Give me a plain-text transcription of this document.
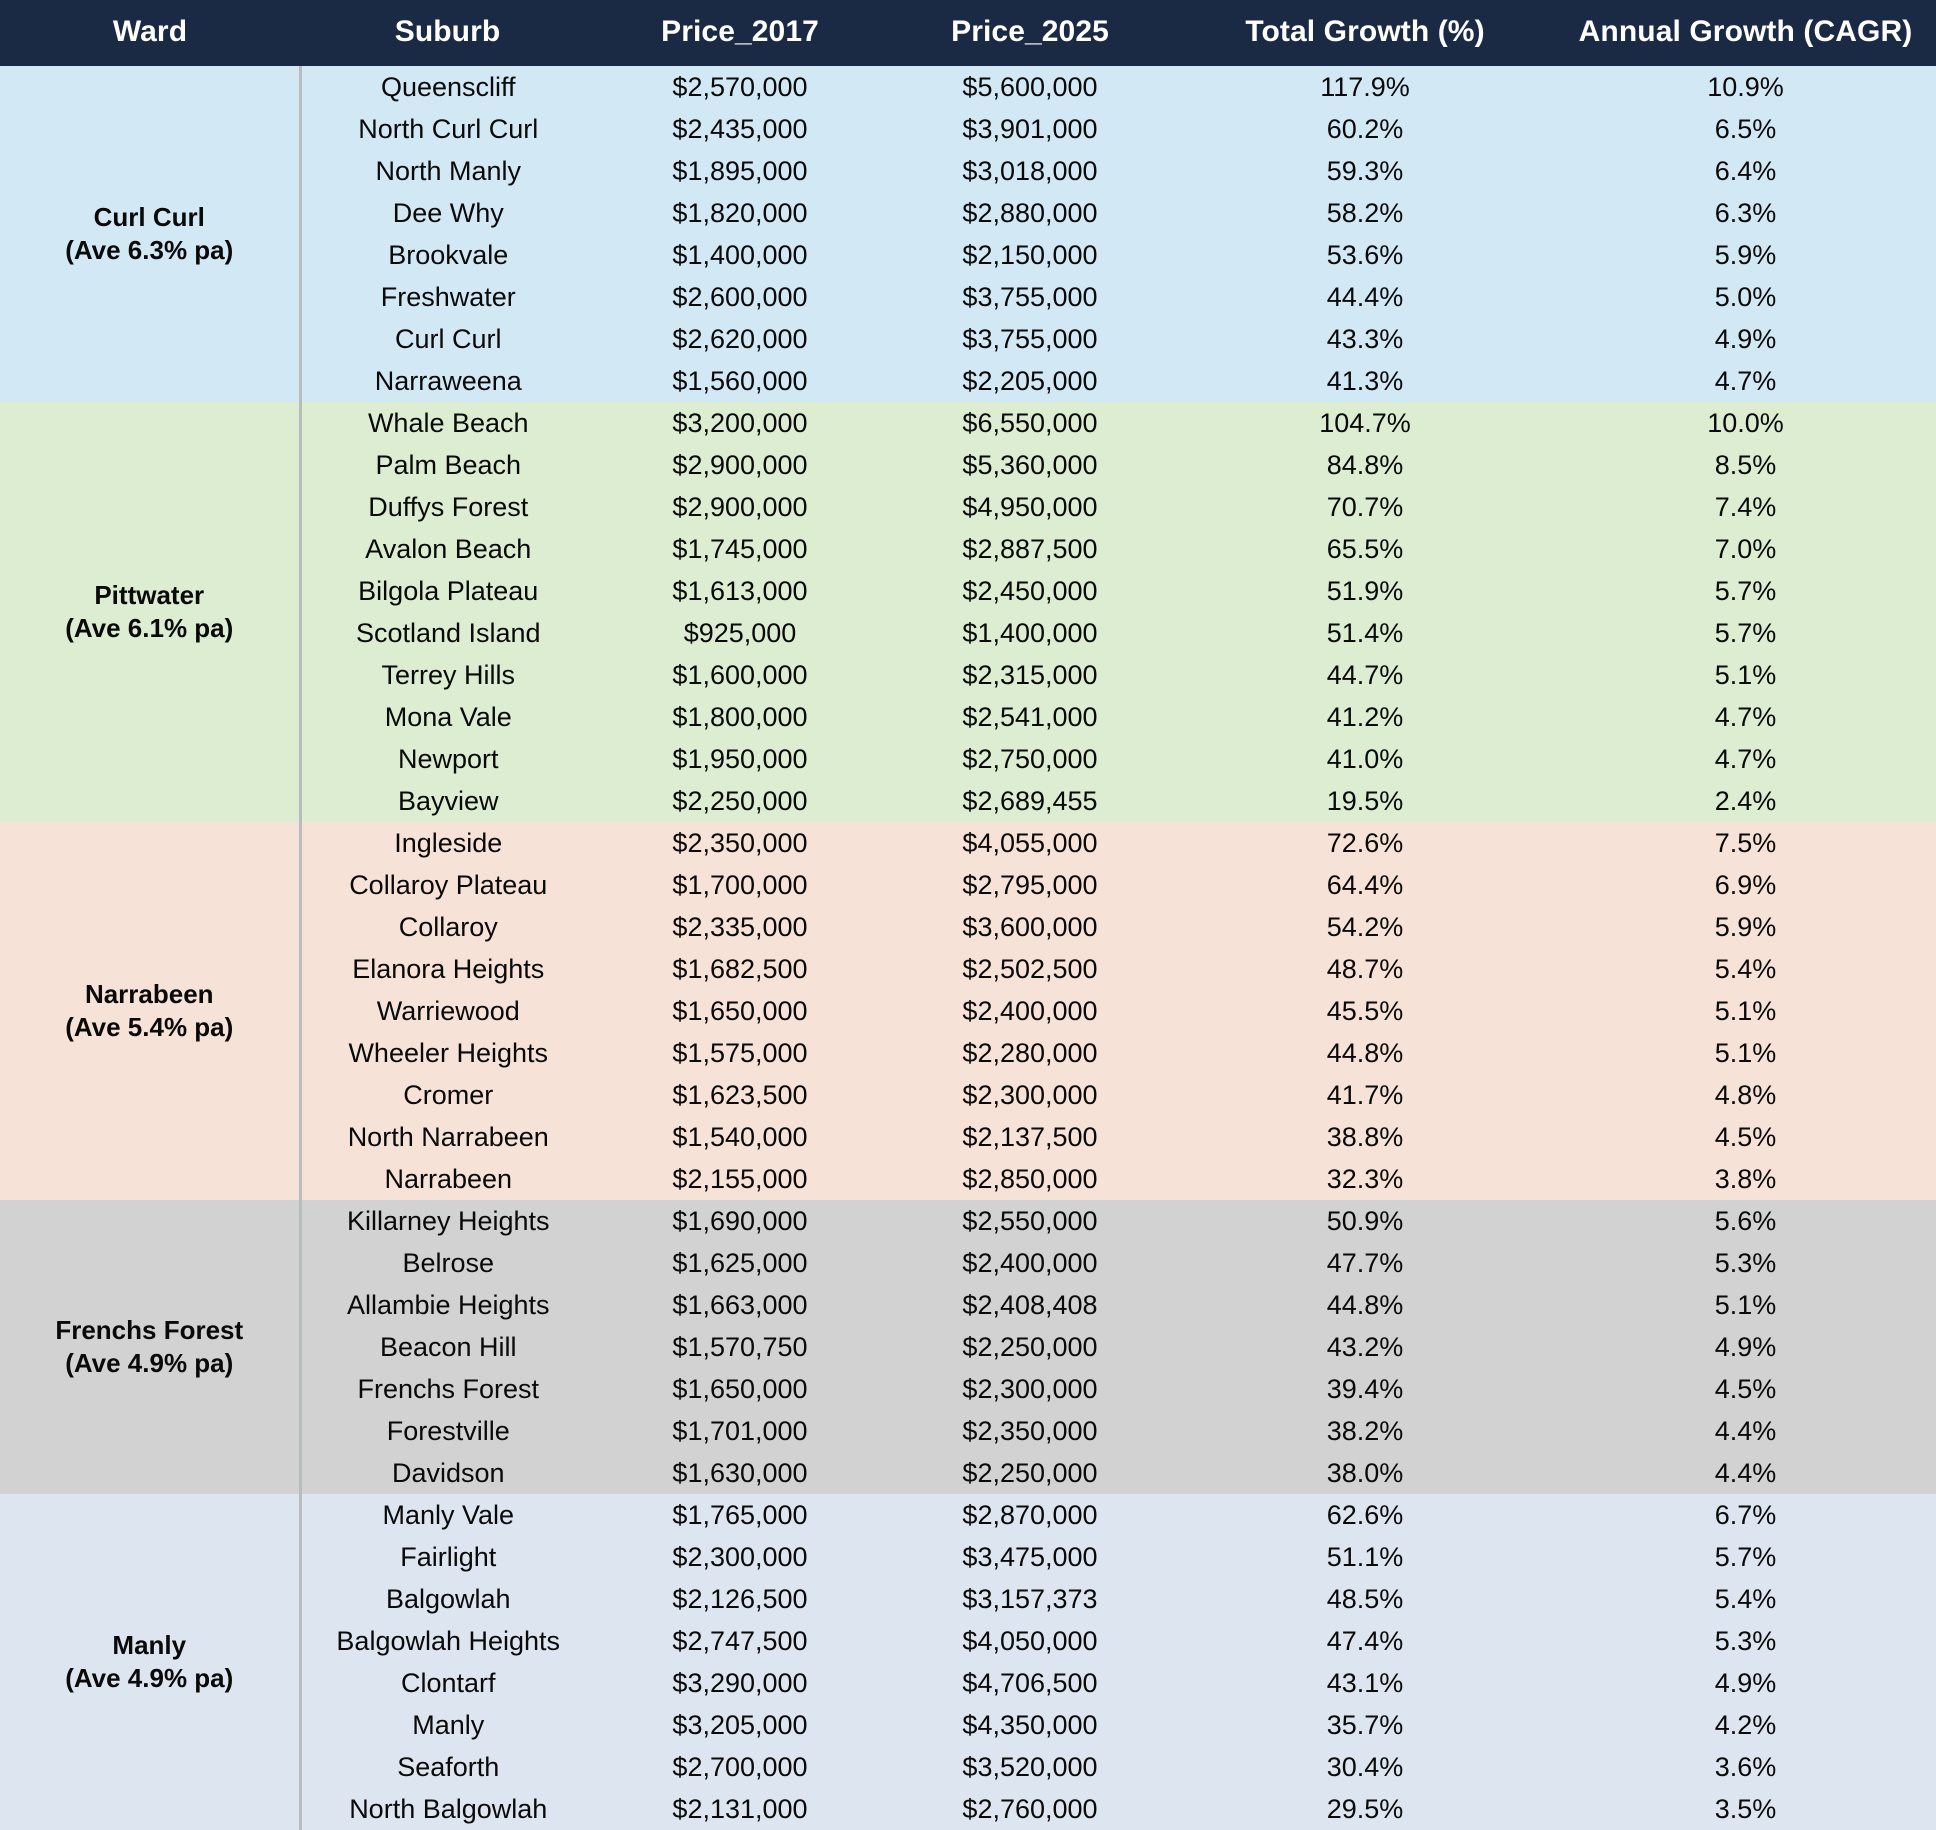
Ward	Suburb	Price_2017	Price_2025	Total Growth (%)	Annual Growth (CAGR)

Curl Curl
(Ave 6.3% pa)	Queenscliff	$2,570,000	$5,600,000	117.9%	10.9%
	North Curl Curl	$2,435,000	$3,901,000	60.2%	6.5%
	North Manly	$1,895,000	$3,018,000	59.3%	6.4%
	Dee Why	$1,820,000	$2,880,000	58.2%	6.3%
	Brookvale	$1,400,000	$2,150,000	53.6%	5.9%
	Freshwater	$2,600,000	$3,755,000	44.4%	5.0%
	Curl Curl	$2,620,000	$3,755,000	43.3%	4.9%
	Narraweena	$1,560,000	$2,205,000	41.3%	4.7%

Pittwater
(Ave 6.1% pa)	Whale Beach	$3,200,000	$6,550,000	104.7%	10.0%
	Palm Beach	$2,900,000	$5,360,000	84.8%	8.5%
	Duffys Forest	$2,900,000	$4,950,000	70.7%	7.4%
	Avalon Beach	$1,745,000	$2,887,500	65.5%	7.0%
	Bilgola Plateau	$1,613,000	$2,450,000	51.9%	5.7%
	Scotland Island	$925,000	$1,400,000	51.4%	5.7%
	Terrey Hills	$1,600,000	$2,315,000	44.7%	5.1%
	Mona Vale	$1,800,000	$2,541,000	41.2%	4.7%
	Newport	$1,950,000	$2,750,000	41.0%	4.7%
	Bayview	$2,250,000	$2,689,455	19.5%	2.4%

Narrabeen
(Ave 5.4% pa)	Ingleside	$2,350,000	$4,055,000	72.6%	7.5%
	Collaroy Plateau	$1,700,000	$2,795,000	64.4%	6.9%
	Collaroy	$2,335,000	$3,600,000	54.2%	5.9%
	Elanora Heights	$1,682,500	$2,502,500	48.7%	5.4%
	Warriewood	$1,650,000	$2,400,000	45.5%	5.1%
	Wheeler Heights	$1,575,000	$2,280,000	44.8%	5.1%
	Cromer	$1,623,500	$2,300,000	41.7%	4.8%
	North Narrabeen	$1,540,000	$2,137,500	38.8%	4.5%
	Narrabeen	$2,155,000	$2,850,000	32.3%	3.8%

Frenchs Forest
(Ave 4.9% pa)	Killarney Heights	$1,690,000	$2,550,000	50.9%	5.6%
	Belrose	$1,625,000	$2,400,000	47.7%	5.3%
	Allambie Heights	$1,663,000	$2,408,408	44.8%	5.1%
	Beacon Hill	$1,570,750	$2,250,000	43.2%	4.9%
	Frenchs Forest	$1,650,000	$2,300,000	39.4%	4.5%
	Forestville	$1,701,000	$2,350,000	38.2%	4.4%
	Davidson	$1,630,000	$2,250,000	38.0%	4.4%

Manly
(Ave 4.9% pa)	Manly Vale	$1,765,000	$2,870,000	62.6%	6.7%
	Fairlight	$2,300,000	$3,475,000	51.1%	5.7%
	Balgowlah	$2,126,500	$3,157,373	48.5%	5.4%
	Balgowlah Heights	$2,747,500	$4,050,000	47.4%	5.3%
	Clontarf	$3,290,000	$4,706,500	43.1%	4.9%
	Manly	$3,205,000	$4,350,000	35.7%	4.2%
	Seaforth	$2,700,000	$3,520,000	30.4%	3.6%
	North Balgowlah	$2,131,000	$2,760,000	29.5%	3.5%
